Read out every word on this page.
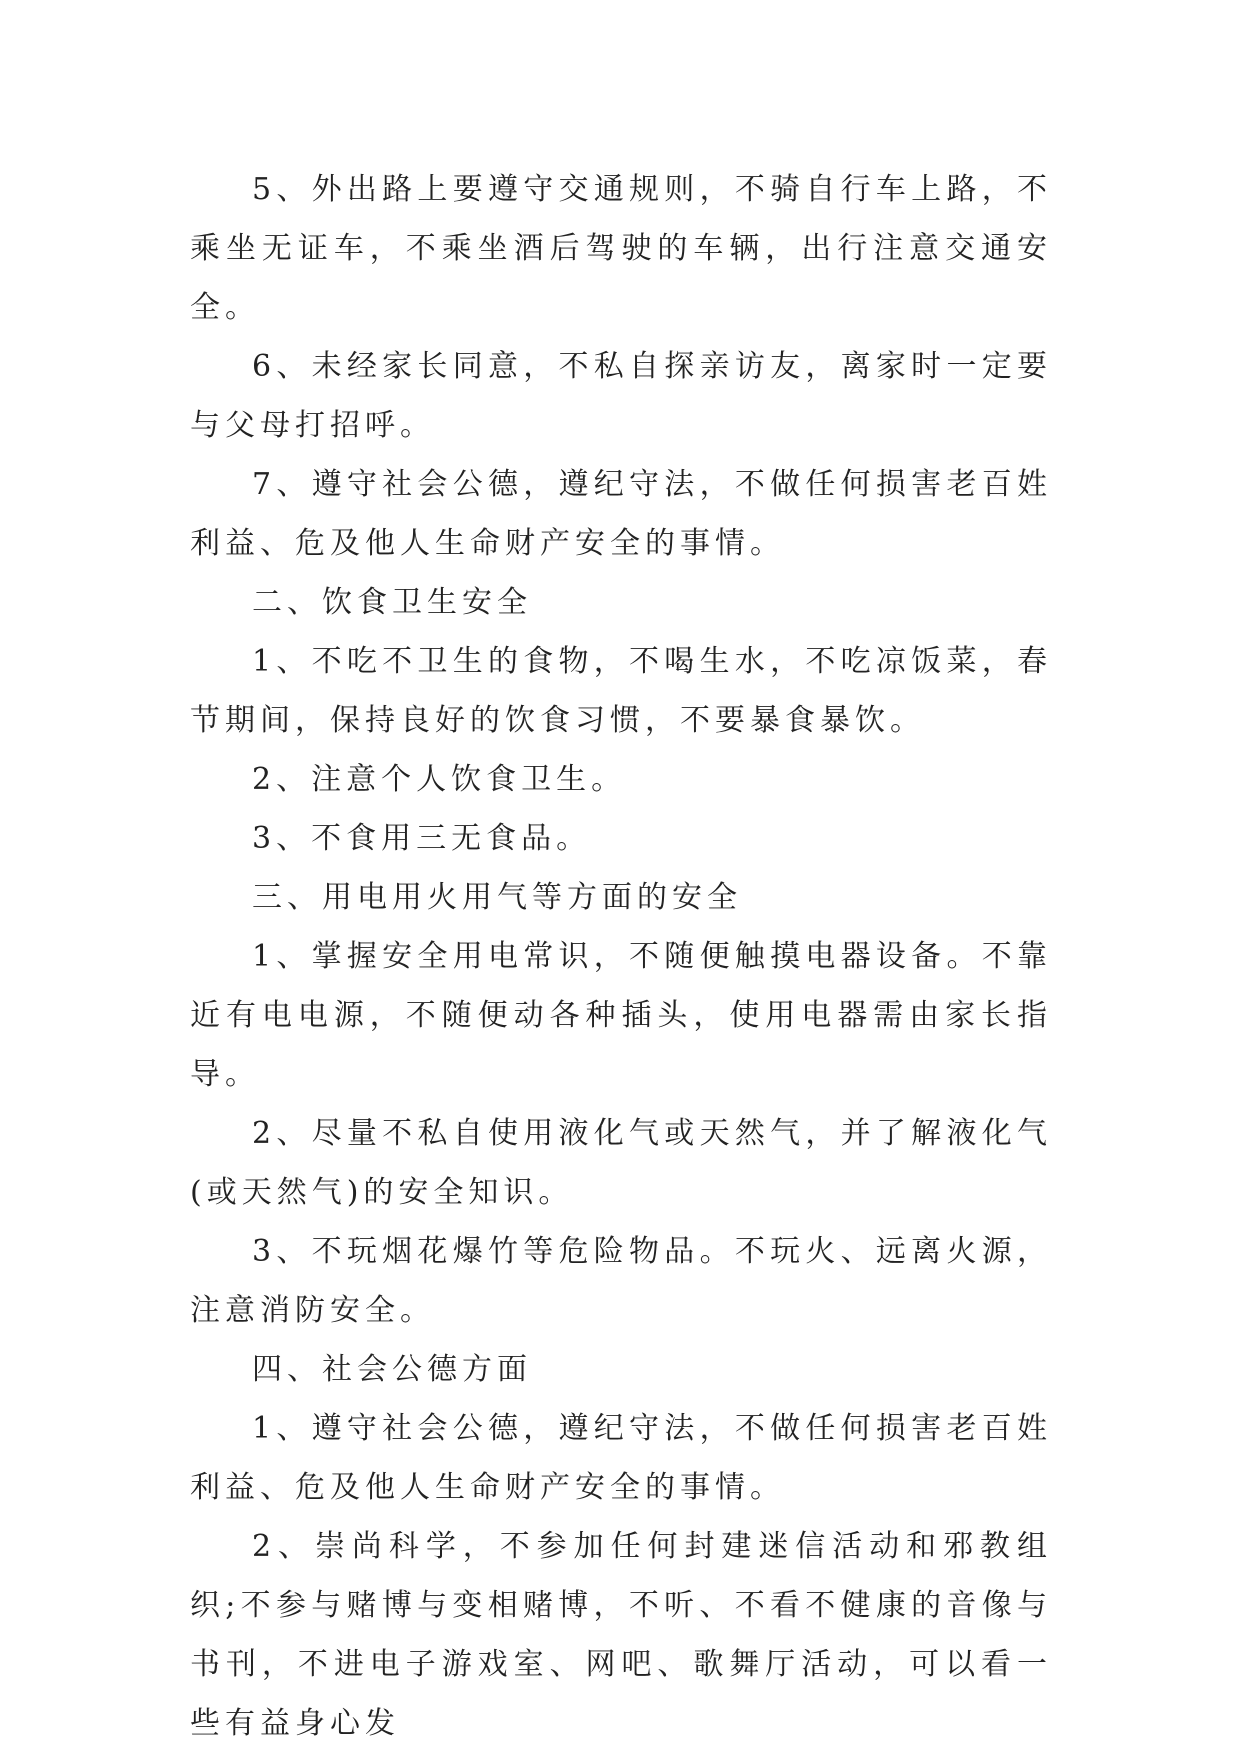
5、外出路上要遵守交通规则，不骑自行车上路，不乘坐无证车，不乘坐酒后驾驶的车辆，出行注意交通安全。

6、未经家长同意，不私自探亲访友，离家时一定要与父母打招呼。

7、遵守社会公德，遵纪守法，不做任何损害老百姓利益、危及他人生命财产安全的事情。

二、饮食卫生安全

1、不吃不卫生的食物，不喝生水，不吃凉饭菜，春节期间，保持良好的饮食习惯，不要暴食暴饮。

2、注意个人饮食卫生。

3、不食用三无食品。

三、用电用火用气等方面的安全

1、掌握安全用电常识，不随便触摸电器设备。不靠近有电电源，不随便动各种插头，使用电器需由家长指导。

2、尽量不私自使用液化气或天然气，并了解液化气(或天然气)的安全知识。

3、不玩烟花爆竹等危险物品。不玩火、远离火源，注意消防安全。

四、社会公德方面

1、遵守社会公德，遵纪守法，不做任何损害老百姓利益、危及他人生命财产安全的事情。

2、崇尚科学，不参加任何封建迷信活动和邪教组织;不参与赌博与变相赌博，不听、不看不健康的音像与书刊，不进电子游戏室、网吧、歌舞厅活动，可以看一些有益身心发
